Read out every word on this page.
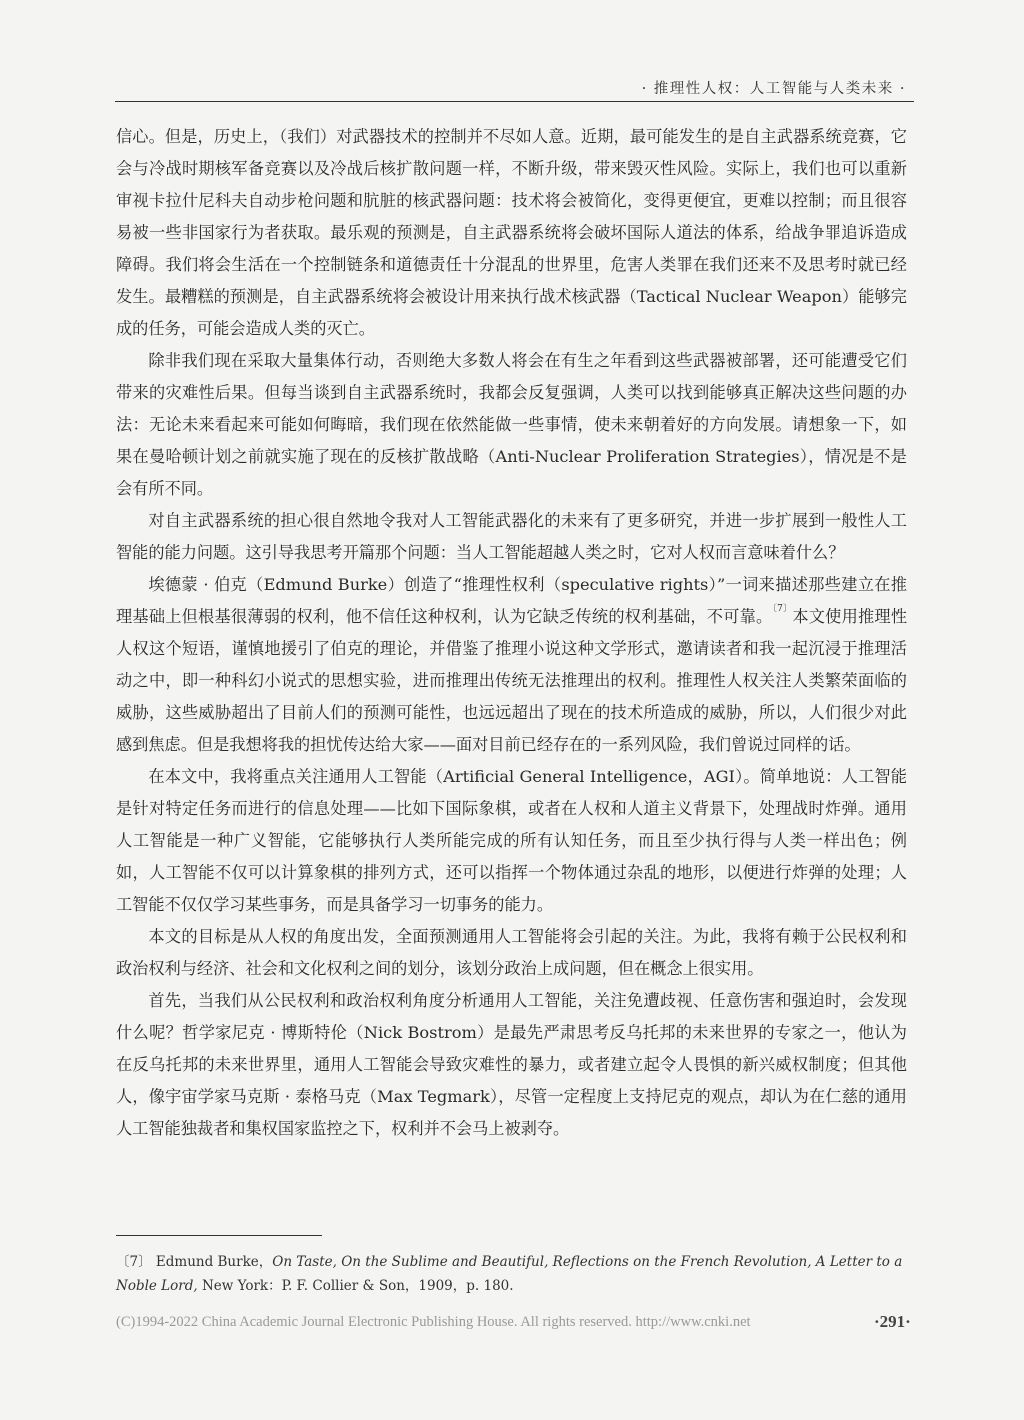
· 推理性人权：人工智能与人类未来 ·

信心。但是，历史上，（我们）对武器技术的控制并不尽如人意。近期，最可能发生的是自主武器系统竞赛，它会与冷战时期核军备竞赛以及冷战后核扩散问题一样，不断升级，带来毁灭性风险。实际上，我们也可以重新审视卡拉什尼科夫自动步枪问题和肮脏的核武器问题：技术将会被简化，变得更便宜，更难以控制；而且很容易被一些非国家行为者获取。最乐观的预测是，自主武器系统将会破坏国际人道法的体系，给战争罪追诉造成障碍。我们将会生活在一个控制链条和道德责任十分混乱的世界里，危害人类罪在我们还来不及思考时就已经发生。最糟糕的预测是，自主武器系统将会被设计用来执行战术核武器（Tactical Nuclear Weapon）能够完成的任务，可能会造成人类的灭亡。

除非我们现在采取大量集体行动，否则绝大多数人将会在有生之年看到这些武器被部署，还可能遭受它们带来的灾难性后果。但每当谈到自主武器系统时，我都会反复强调，人类可以找到能够真正解决这些问题的办法：无论未来看起来可能如何晦暗，我们现在依然能做一些事情，使未来朝着好的方向发展。请想象一下，如果在曼哈顿计划之前就实施了现在的反核扩散战略（Anti-Nuclear Proliferation Strategies），情况是不是会有所不同。

对自主武器系统的担心很自然地令我对人工智能武器化的未来有了更多研究，并进一步扩展到一般性人工智能的能力问题。这引导我思考开篇那个问题：当人工智能超越人类之时，它对人权而言意味着什么？

埃德蒙 · 伯克（Edmund Burke）创造了“推理性权利（speculative rights）”一词来描述那些建立在推理基础上但根基很薄弱的权利，他不信任这种权利，认为它缺乏传统的权利基础，不可靠。$^{〔7〕}$本文使用推理性人权这个短语，谨慎地援引了伯克的理论，并借鉴了推理小说这种文学形式，邀请读者和我一起沉浸于推理活动之中，即一种科幻小说式的思想实验，进而推理出传统无法推理出的权利。推理性人权关注人类繁荣面临的威胁，这些威胁超出了目前人们的预测可能性，也远远超出了现在的技术所造成的威胁，所以，人们很少对此感到焦虑。但是我想将我的担忧传达给大家——面对目前已经存在的一系列风险，我们曾说过同样的话。

在本文中，我将重点关注通用人工智能（Artificial General Intelligence，AGI）。简单地说：人工智能是针对特定任务而进行的信息处理——比如下国际象棋，或者在人权和人道主义背景下，处理战时炸弹。通用人工智能是一种广义智能，它能够执行人类所能完成的所有认知任务，而且至少执行得与人类一样出色；例如，人工智能不仅可以计算象棋的排列方式，还可以指挥一个物体通过杂乱的地形，以便进行炸弹的处理；人工智能不仅仅学习某些事务，而是具备学习一切事务的能力。

本文的目标是从人权的角度出发，全面预测通用人工智能将会引起的关注。为此，我将有赖于公民权利和政治权利与经济、社会和文化权利之间的划分，该划分政治上成问题，但在概念上很实用。

首先，当我们从公民权利和政治权利角度分析通用人工智能，关注免遭歧视、任意伤害和强迫时，会发现什么呢？哲学家尼克 · 博斯特伦（Nick Bostrom）是最先严肃思考反乌托邦的未来世界的专家之一，他认为在反乌托邦的未来世界里，通用人工智能会导致灾难性的暴力，或者建立起令人畏惧的新兴威权制度；但其他人，像宇宙学家马克斯 · 泰格马克（Max Tegmark），尽管一定程度上支持尼克的观点，却认为在仁慈的通用人工智能独裁者和集权国家监控之下，权利并不会马上被剥夺。

〔7〕 Edmund Burke，On Taste, On the Sublime and Beautiful, Reflections on the French Revolution, A Letter to a Noble Lord, New York：P. F. Collier & Son，1909，p. 180.
(C)1994-2022 China Academic Journal Electronic Publishing House. All rights reserved. http://www.cnki.net	·291·
